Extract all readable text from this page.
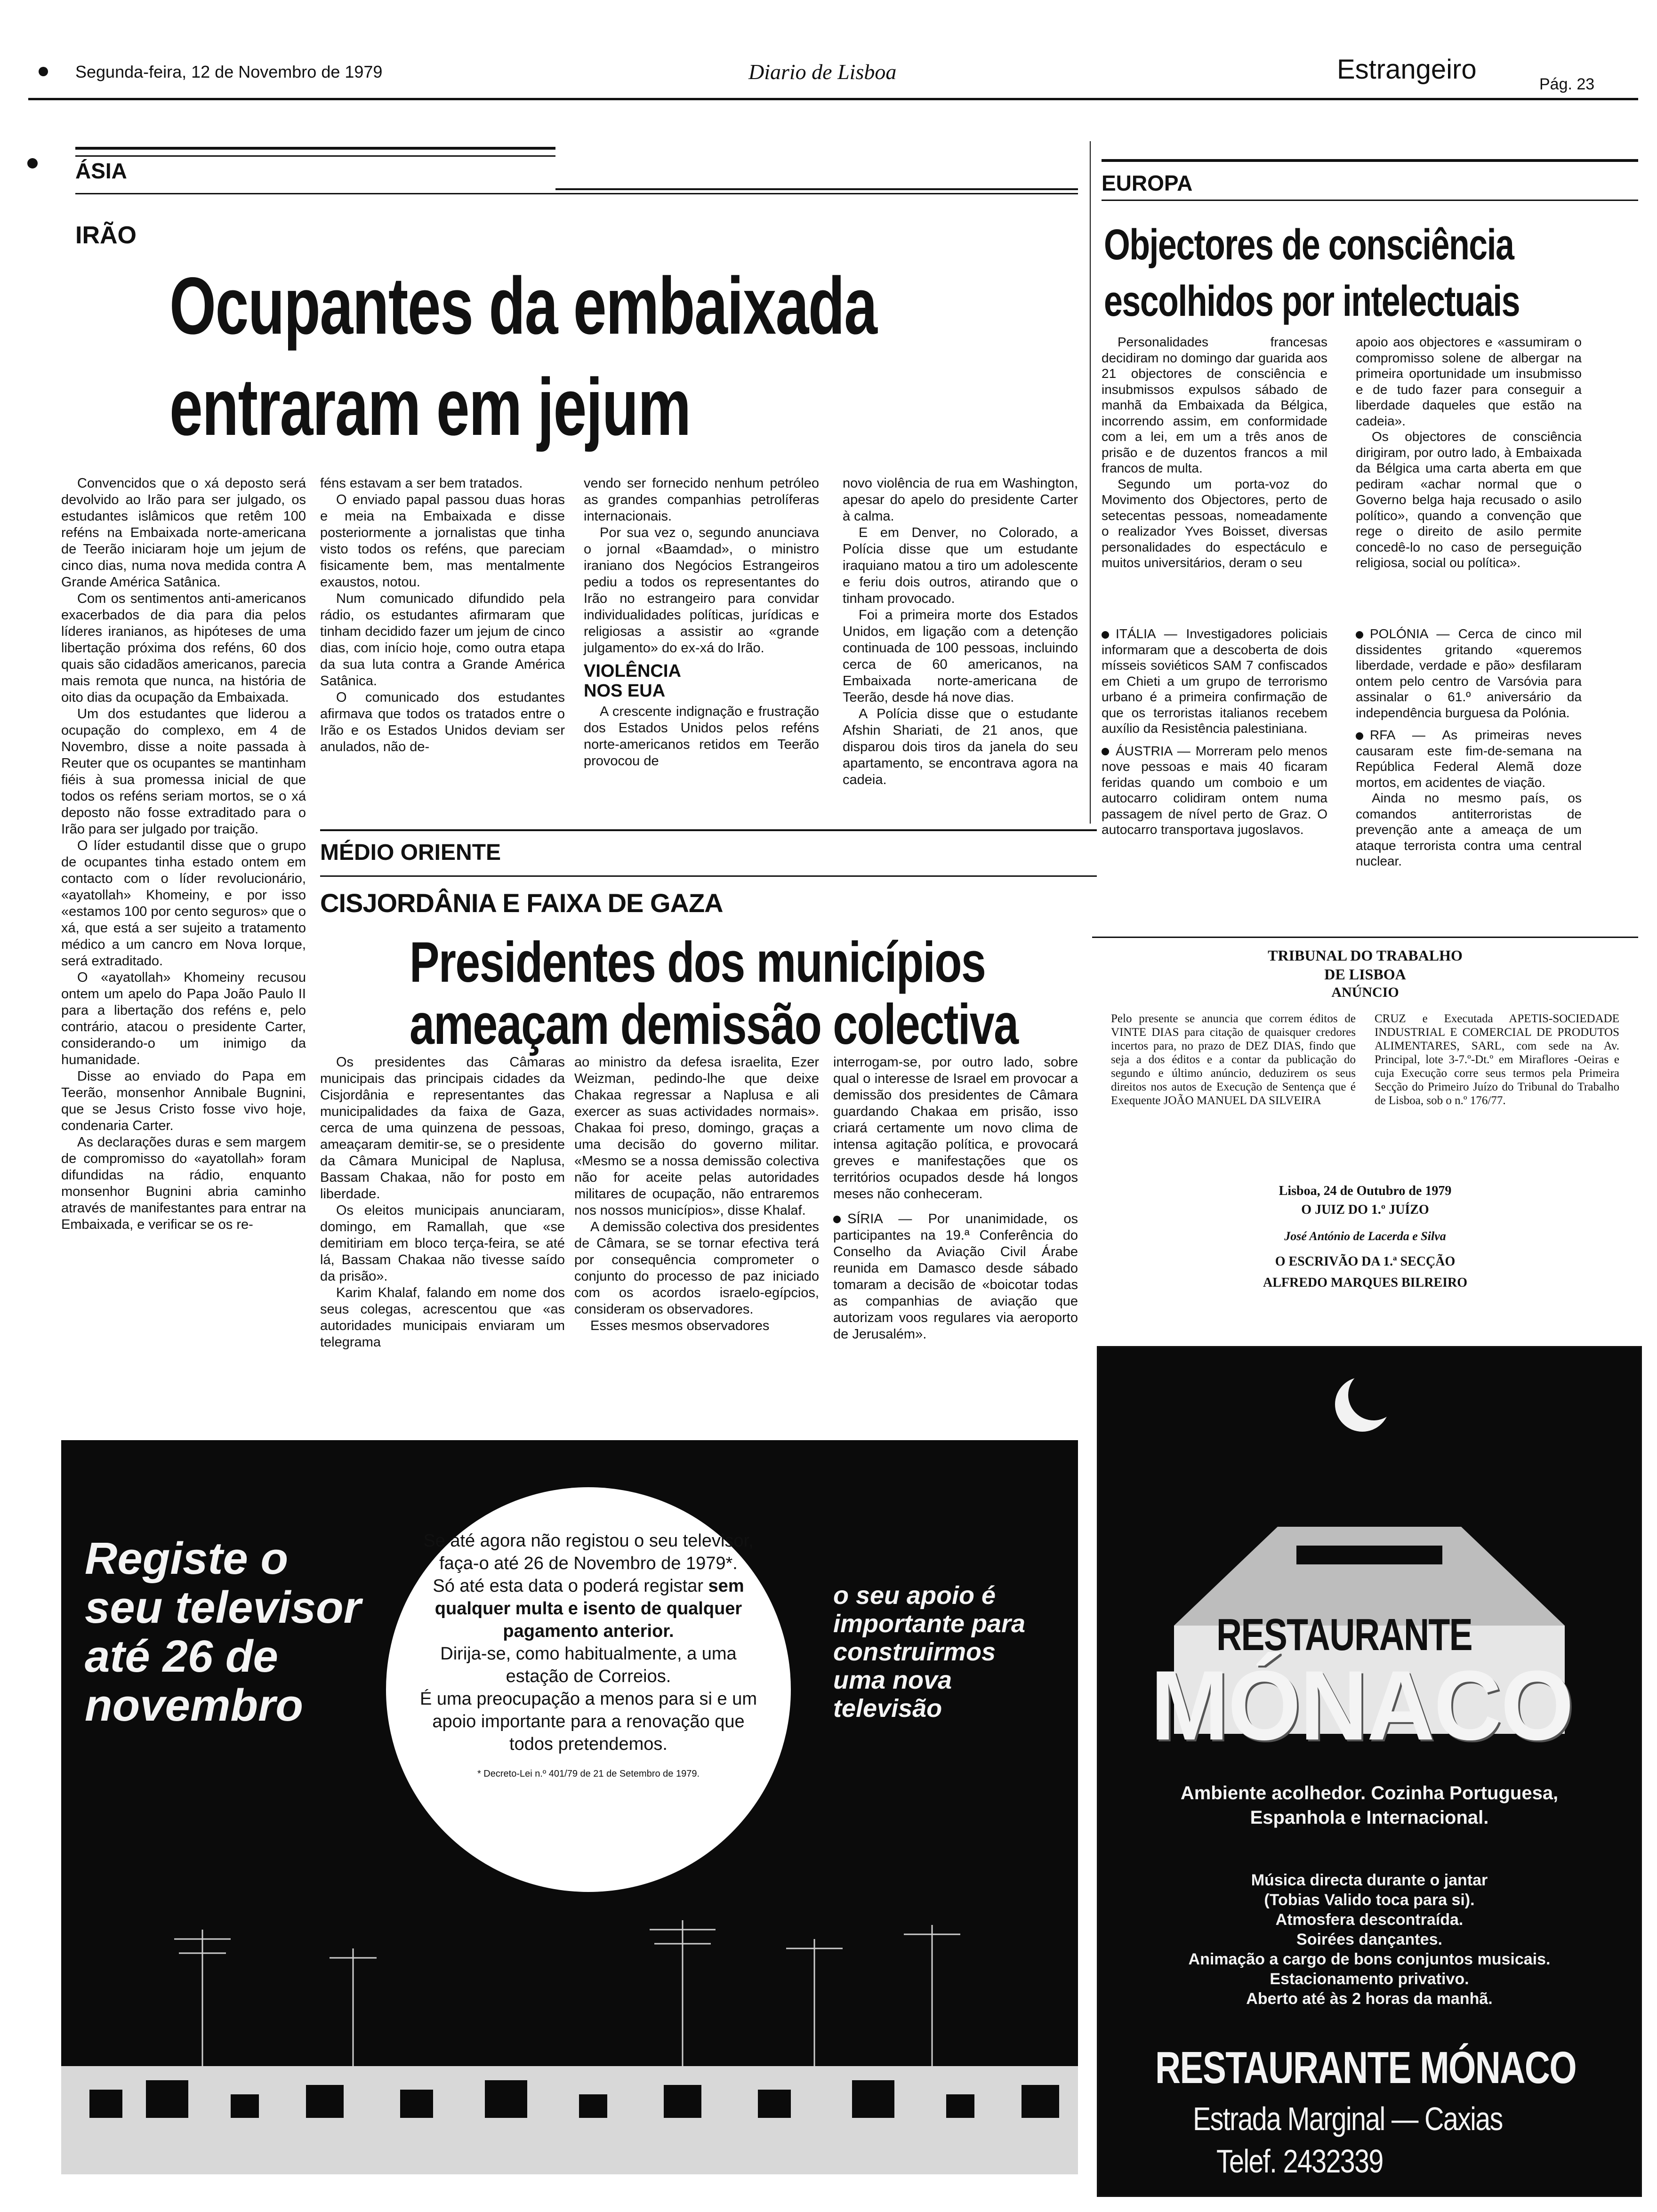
Segunda-feira, 12 de Novembro de 1979	Diario de Lisboa	Estrangeiro	Pág. 23
ÁSIA
IRÃO
Ocupantes da embaixada
entraram em jejum

Convencidos que o xá deposto será devolvido ao Irão para ser julgado, os estudantes islâmicos que retêm 100 reféns na Embaixada norte-americana de Teerão iniciaram hoje um jejum de cinco dias, numa nova medida contra A Grande América Satânica.

Com os sentimentos anti-americanos exacerbados de dia para dia pelos líderes iranianos, as hipóteses de uma libertação próxima dos reféns, 60 dos quais são cidadãos americanos, parecia mais remota que nunca, na história de oito dias da ocupação da Embaixada.

Um dos estudantes que liderou a ocupação do complexo, em 4 de Novembro, disse a noite passada à Reuter que os ocupantes se mantinham fiéis à sua promessa inicial de que todos os reféns seriam mortos, se o xá deposto não fosse extraditado para o Irão para ser julgado por traição.

O líder estudantil disse que o grupo de ocupantes tinha estado ontem em contacto com o líder revolucionário, «ayatollah» Khomeiny, e por isso «estamos 100 por cento seguros» que o xá, que está a ser sujeito a tratamento médico a um cancro em Nova Iorque, será extraditado.

O «ayatollah» Khomeiny recusou ontem um apelo do Papa João Paulo II para a libertação dos reféns e, pelo contrário, atacou o presidente Carter, considerando-o um inimigo da humanidade.

Disse ao enviado do Papa em Teerão, monsenhor Annibale Bugnini, que se Jesus Cristo fosse vivo hoje, condenaria Carter.

As declarações duras e sem margem de compromisso do «ayatollah» foram difundidas na rádio, enquanto monsenhor Bugnini abria caminho através de manifestantes para entrar na Embaixada, e verificar se os re-

féns estavam a ser bem tratados.

O enviado papal passou duas horas e meia na Embaixada e disse posteriormente a jornalistas que tinha visto todos os reféns, que pareciam fisicamente bem, mas mentalmente exaustos, notou.

Num comunicado difundido pela rádio, os estudantes afirmaram que tinham decidido fazer um jejum de cinco dias, com início hoje, como outra etapa da sua luta contra a Grande América Satânica.

O comunicado dos estudantes afirmava que todos os tratados entre o Irão e os Estados Unidos deviam ser anulados, não de-

vendo ser fornecido nenhum petróleo as grandes companhias petrolíferas internacionais.

Por sua vez o, segundo anunciava o jornal «Baamdad», o ministro iraniano dos Negócios Estrangeiros pediu a todos os representantes do Irão no estrangeiro para convidar individualidades políticas, jurídicas e religiosas a assistir ao «grande julgamento» do ex-xá do Irão.

VIOLÊNCIA NOS EUA

A crescente indignação e frustração dos Estados Unidos pelos reféns norte-americanos retidos em Teerão provocou de

novo violência de rua em Washington, apesar do apelo do presidente Carter à calma.

E em Denver, no Colorado, a Polícia disse que um estudante iraquiano matou a tiro um adolescente e feriu dois outros, atirando que o tinham provocado.

Foi a primeira morte dos Estados Unidos, em ligação com a detenção continuada de 100 pessoas, incluindo cerca de 60 americanos, na Embaixada norte-americana de Teerão, desde há nove dias.

A Polícia disse que o estudante Afshin Shariati, de 21 anos, que disparou dois tiros da janela do seu apartamento, se encontrava agora na cadeia.

MÉDIO ORIENTE
CISJORDÂNIA E FAIXA DE GAZA
Presidentes dos municípios
ameaçam demissão colectiva

Os presidentes das Câmaras municipais das principais cidades da Cisjordânia e representantes das municipalidades da faixa de Gaza, cerca de uma quinzena de pessoas, ameaçaram demitir-se, se o presidente da Câmara Municipal de Naplusa, Bassam Chakaa, não for posto em liberdade.

Os eleitos municipais anunciaram, domingo, em Ramallah, que «se demitiriam em bloco terça-feira, se até lá, Bassam Chakaa não tivesse saído da prisão».

Karim Khalaf, falando em nome dos seus colegas, acrescentou que «as autoridades municipais enviaram um telegrama

ao ministro da defesa israelita, Ezer Weizman, pedindo-lhe que deixe Chakaa regressar a Naplusa e ali exercer as suas actividades normais». Chakaa foi preso, domingo, graças a uma decisão do governo militar. «Mesmo se a nossa demissão colectiva não for aceite pelas autoridades militares de ocupação, não entraremos nos nossos municípios», disse Khalaf.

A demissão colectiva dos presidentes de Câmara, se se tornar efectiva terá por consequência comprometer o conjunto do processo de paz iniciado com os acordos israelo-egípcios, consideram os observadores.

Esses mesmos observadores

interrogam-se, por outro lado, sobre qual o interesse de Israel em provocar a demissão dos presidentes de Câmara guardando Chakaa em prisão, isso criará certamente um novo clima de intensa agitação política, e provocará greves e manifestações que os territórios ocupados desde há longos meses não conheceram.

SÍRIA — Por unanimidade, os participantes na 19.ª Conferência do Conselho da Aviação Civil Árabe reunida em Damasco desde sábado tomaram a decisão de «boicotar todas as companhias de aviação que autorizam voos regulares via aeroporto de Jerusalém».

EUROPA
Objectores de consciência
escolhidos por intelectuais

Personalidades francesas decidiram no domingo dar guarida aos 21 objectores de consciência e insubmissos expulsos sábado de manhã da Embaixada da Bélgica, incorrendo assim, em conformidade com a lei, em um a três anos de prisão e de duzentos francos a mil francos de multa.

Segundo um porta-voz do Movimento dos Objectores, perto de setecentas pessoas, nomeadamente o realizador Yves Boisset, diversas personalidades do espectáculo e muitos universitários, deram o seu

apoio aos objectores e «assumiram o compromisso solene de albergar na primeira oportunidade um insubmisso e de tudo fazer para conseguir a liberdade daqueles que estão na cadeia».

Os objectores de consciência dirigiram, por outro lado, à Embaixada da Bélgica uma carta aberta em que pediram «achar normal que o Governo belga haja recusado o asilo político», quando a convenção que rege o direito de asilo permite concedê-lo no caso de perseguição religiosa, social ou política».

ITÁLIA — Investigadores policiais informaram que a descoberta de dois mísseis soviéticos SAM 7 confiscados em Chieti a um grupo de terrorismo urbano é a primeira confirmação de que os terroristas italianos recebem auxílio da Resistência palestiniana.

ÁUSTRIA — Morreram pelo menos nove pessoas e mais 40 ficaram feridas quando um comboio e um autocarro colidiram ontem numa passagem de nível perto de Graz. O autocarro transportava jugoslavos.

POLÓNIA — Cerca de cinco mil dissidentes gritando «queremos liberdade, verdade e pão» desfilaram ontem pelo centro de Varsóvia para assinalar o 61.º aniversário da independência burguesa da Polónia.

RFA — As primeiras neves causaram este fim-de-semana na República Federal Alemã doze mortos, em acidentes de viação.

Ainda no mesmo país, os comandos antiterroristas de prevenção ante a ameaça de um ataque terrorista contra uma central nuclear.

TRIBUNAL DO TRABALHO
DE LISBOA
ANÚNCIO
Pelo presente se anuncia que correm éditos de VINTE DIAS para citação de quaisquer credores incertos para, no prazo de DEZ DIAS, findo que seja a dos éditos e a contar da publicação do segundo e último anúncio, deduzirem os seus direitos nos autos de Execução de Sentença que é Exequente JOÃO MANUEL DA SILVEIRA
CRUZ e Executada APETIS-SOCIEDADE INDUSTRIAL E COMERCIAL DE PRODUTOS ALIMENTARES, SARL, com sede na Av. Principal, lote 3-7.º-Dt.º em Miraflores -Oeiras e cuja Execução corre seus termos pela Primeira Secção do Primeiro Juízo do Tribunal do Trabalho de Lisboa, sob o n.º 176/77.
Lisboa, 24 de Outubro de 1979
O JUIZ DO 1.º JUÍZO
José António de Lacerda e Silva
O ESCRIVÃO DA 1.ª SECÇÃO
ALFREDO MARQUES BILREIRO
Registe o seu televisor até 26 de novembro
Se até agora não registou o seu televisor, faça-o até 26 de Novembro de 1979*.
Só até esta data o poderá registar sem qualquer multa e isento de qualquer pagamento anterior.
Dirija-se, como habitualmente, a uma estação de Correios.
É uma preocupação a menos para si e um apoio importante para a renovação que todos pretendemos.
* Decreto-Lei n.º 401/79 de 21 de Setembro de 1979.
o seu apoio é importante para construirmos uma nova televisão
RESTAURANTE
MÓNACO
Ambiente acolhedor. Cozinha Portuguesa, Espanhola e Internacional.
Música directa durante o jantar
(Tobias Valido toca para si).
Atmosfera descontraída.
Soirées dançantes.
Animação a cargo de bons conjuntos musicais.
Estacionamento privativo.
Aberto até às 2 horas da manhã.
RESTAURANTE MÓNACO
Estrada Marginal — Caxias
Telef. 2432339
